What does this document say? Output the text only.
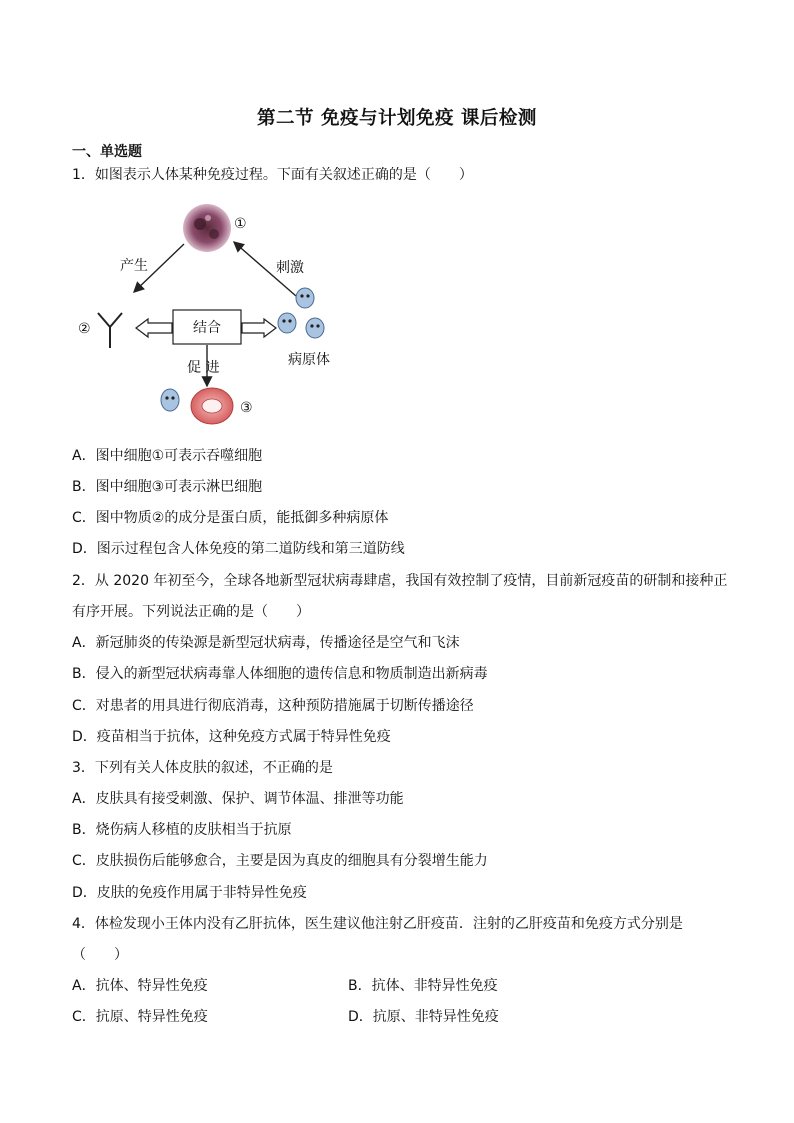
第二节 免疫与计划免疫 课后检测
一、单选题
1．如图表示人体某种免疫过程。下面有关叙述正确的是（　　）
①
产生	刺激
②	结合
病原体
促 进
③
A．图中细胞①可表示吞噬细胞
B．图中细胞③可表示淋巴细胞
C．图中物质②的成分是蛋白质，能抵御多种病原体
D．图示过程包含人体免疫的第二道防线和第三道防线
2．从 2020 年初至今，全球各地新型冠状病毒肆虐，我国有效控制了疫情，目前新冠疫苗的研制和接种正
有序开展。下列说法正确的是（　　）
A．新冠肺炎的传染源是新型冠状病毒，传播途径是空气和飞沫
B．侵入的新型冠状病毒靠人体细胞的遗传信息和物质制造出新病毒
C．对患者的用具进行彻底消毒，这种预防措施属于切断传播途径
D．疫苗相当于抗体，这种免疫方式属于特异性免疫
3．下列有关人体皮肤的叙述，不正确的是
A．皮肤具有接受刺激、保护、调节体温、排泄等功能
B．烧伤病人移植的皮肤相当于抗原
C．皮肤损伤后能够愈合，主要是因为真皮的细胞具有分裂增生能力
D．皮肤的免疫作用属于非特异性免疫
4．体检发现小王体内没有乙肝抗体，医生建议他注射乙肝疫苗．注射的乙肝疫苗和免疫方式分别是
（　　）
A．抗体、特异性免疫	B．抗体、非特异性免疫
C．抗原、特异性免疫	D．抗原、非特异性免疫
